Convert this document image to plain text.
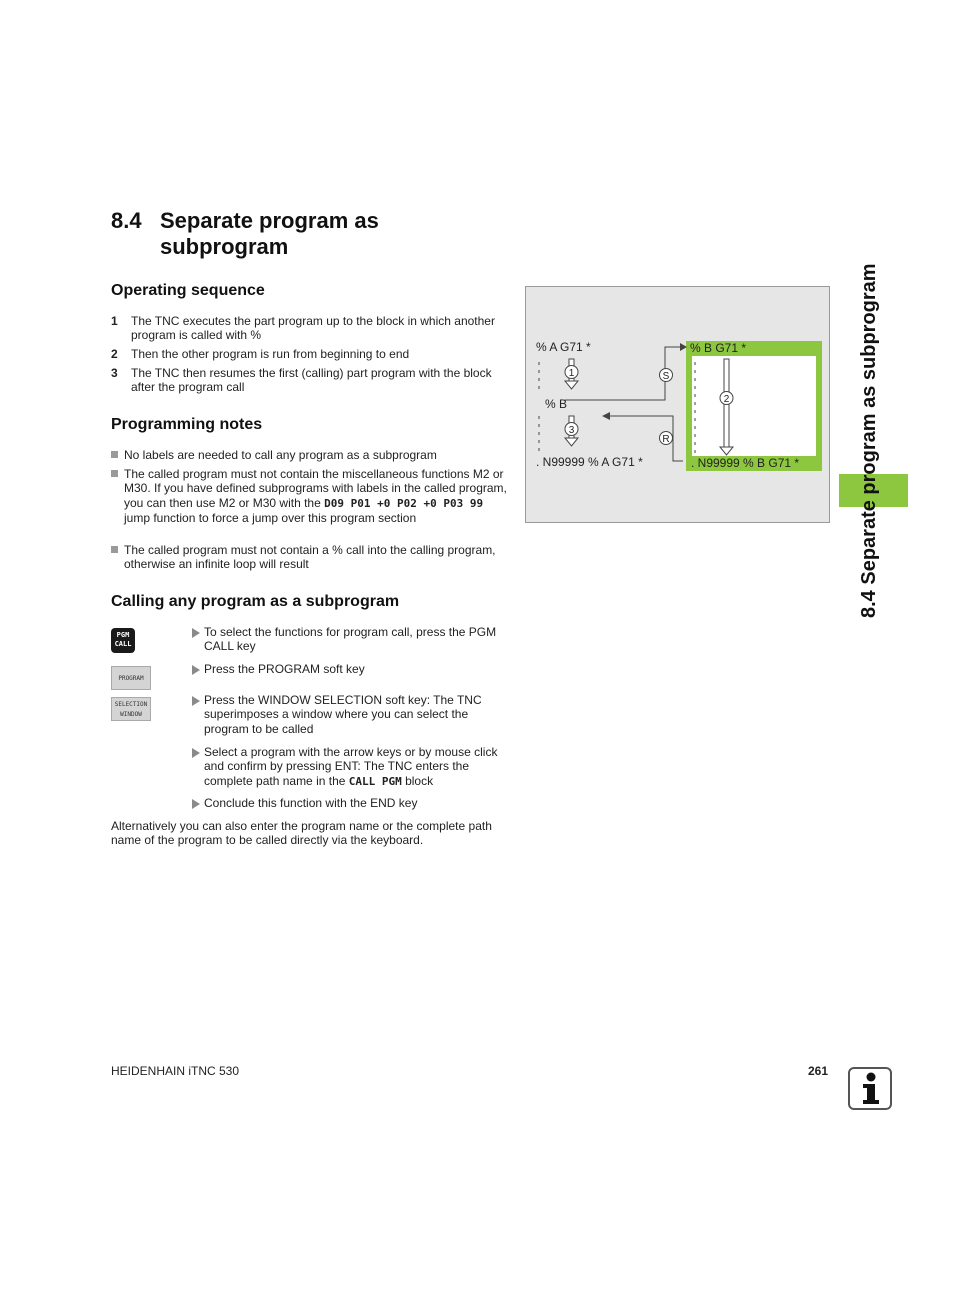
8.4 Separate program as subprogram
Operating sequence
1 The TNC executes the part program up to the block in which another program is called with %
2 Then the other program is run from beginning to end
3 The TNC then resumes the first (calling) part program with the block after the program call
Programming notes
No labels are needed to call any program as a subprogram
The called program must not contain the miscellaneous functions M2 or M30. If you have defined subprograms with labels in the called program, you can then use M2 or M30 with the D09 P01 +0 P02 +0 P03 99 jump function to force a jump over this program section
The called program must not contain a % call into the calling program, otherwise an infinite loop will result
Calling any program as a subprogram
PGM
CALL
PROGRAM
SELECTION
WINDOW
To select the functions for program call, press the PGM CALL key
Press the PROGRAM soft key
Press the WINDOW SELECTION soft key: The TNC superimposes a window where you can select the program to be called
Select a program with the arrow keys or by mouse click and confirm by pressing ENT: The TNC enters the complete path name in the CALL PGM block
Conclude this function with the END key
Alternatively you can also enter the program name or the complete path name of the program to be called directly via the keyboard.
% A G71 *
% B
. N99999 % A G71 *
% B G71 *
. N99999 % B G71 *
1
3
2
S
R	8.4 Separate program as subprogram
HEIDENHAIN iTNC 530	261
